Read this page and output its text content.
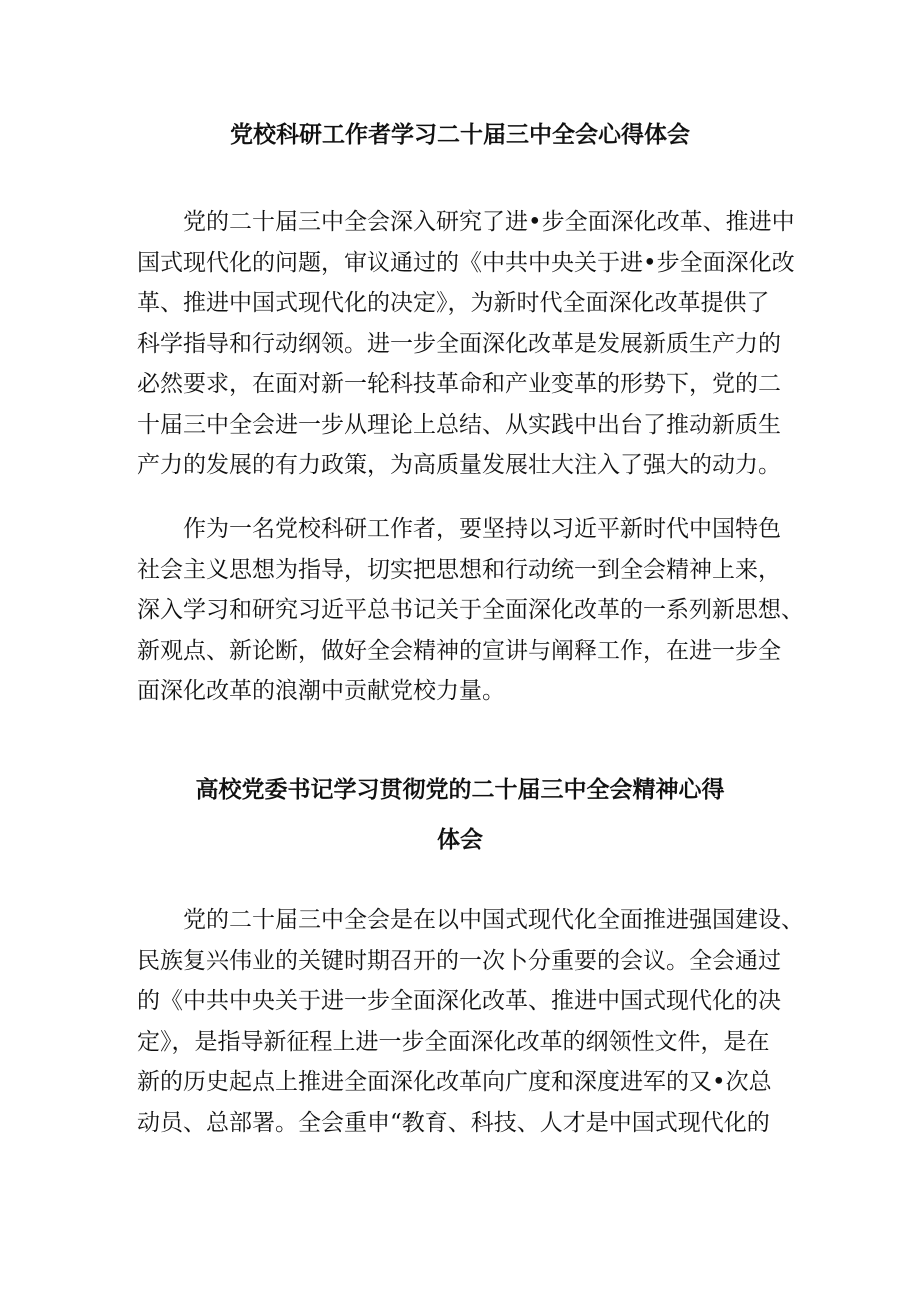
党校科研工作者学习二十届三中全会心得体会
党的二十届三中全会深入研究了进•步全面深化改革、推进中
国式现代化的问题，审议通过的《中共中央关于进•步全面深化改
革、推进中国式现代化的决定》，为新时代全面深化改革提供了
科学指导和行动纲领。进一步全面深化改革是发展新质生产力的
必然要求，在面对新一轮科技革命和产业变革的形势下，党的二
十届三中全会进一步从理论上总结、从实践中出台了推动新质生
产力的发展的有力政策，为高质量发展壮大注入了强大的动力。
作为一名党校科研工作者，要坚持以习近平新时代中国特色
社会主义思想为指导，切实把思想和行动统一到全会精神上来，
深入学习和研究习近平总书记关于全面深化改革的一系列新思想、
新观点、新论断，做好全会精神的宣讲与阐释工作，在进一步全
面深化改革的浪潮中贡献党校力量。
高校党委书记学习贯彻党的二十届三中全会精神心得
体会
党的二十届三中全会是在以中国式现代化全面推进强国建设、
民族复兴伟业的关键时期召开的一次卜分重要的会议。全会通过
的《中共中央关于进一步全面深化改革、推进中国式现代化的决
定》，是指导新征程上进一步全面深化改革的纲领性文件，是在
新的历史起点上推进全面深化改革向广度和深度进军的又•次总
动员、总部署。全会重申“教育、科技、人才是中国式现代化的
